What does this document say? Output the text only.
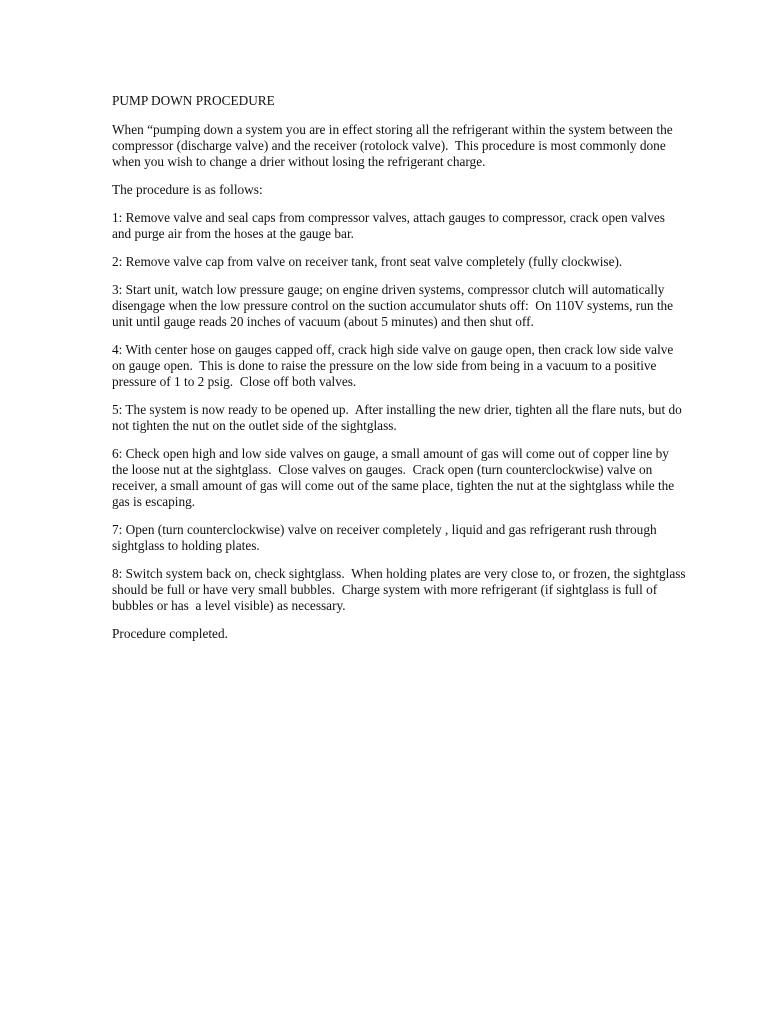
PUMP DOWN PROCEDURE
When “pumping down a system you are in effect storing all the refrigerant within the system between the
compressor (discharge valve) and the receiver (rotolock valve).  This procedure is most commonly done
when you wish to change a drier without losing the refrigerant charge.
The procedure is as follows:
1: Remove valve and seal caps from compressor valves, attach gauges to compressor, crack open valves
and purge air from the hoses at the gauge bar.
2: Remove valve cap from valve on receiver tank, front seat valve completely (fully clockwise).
3: Start unit, watch low pressure gauge; on engine driven systems, compressor clutch will automatically
disengage when the low pressure control on the suction accumulator shuts off:  On 110V systems, run the
unit until gauge reads 20 inches of vacuum (about 5 minutes) and then shut off.
4: With center hose on gauges capped off, crack high side valve on gauge open, then crack low side valve
on gauge open.  This is done to raise the pressure on the low side from being in a vacuum to a positive
pressure of 1 to 2 psig.  Close off both valves.
5: The system is now ready to be opened up.  After installing the new drier, tighten all the flare nuts, but do
not tighten the nut on the outlet side of the sightglass.
6: Check open high and low side valves on gauge, a small amount of gas will come out of copper line by
the loose nut at the sightglass.  Close valves on gauges.  Crack open (turn counterclockwise) valve on
receiver, a small amount of gas will come out of the same place, tighten the nut at the sightglass while the
gas is escaping.
7: Open (turn counterclockwise) valve on receiver completely , liquid and gas refrigerant rush through
sightglass to holding plates.
8: Switch system back on, check sightglass.  When holding plates are very close to, or frozen, the sightglass
should be full or have very small bubbles.  Charge system with more refrigerant (if sightglass is full of
bubbles or has  a level visible) as necessary.
Procedure completed.
